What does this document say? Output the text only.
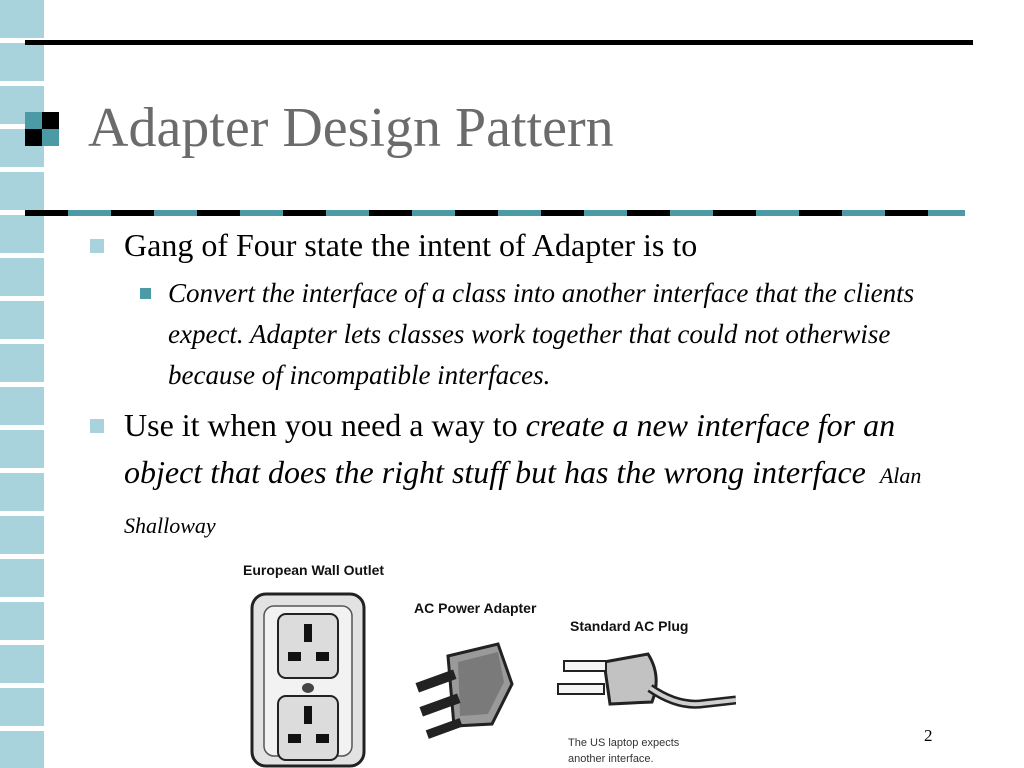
Adapter Design Pattern
Gang of Four state the intent of Adapter is to
Convert the interface of a class into another interface that the clients expect. Adapter lets classes work together that could not otherwise because of incompatible interfaces.
Use it when you need a way to create a new interface for an object that does the right stuff but has the wrong interface Alan Shalloway
European Wall Outlet
AC Power Adapter
Standard AC Plug
The US laptop expects
another interface.
2
